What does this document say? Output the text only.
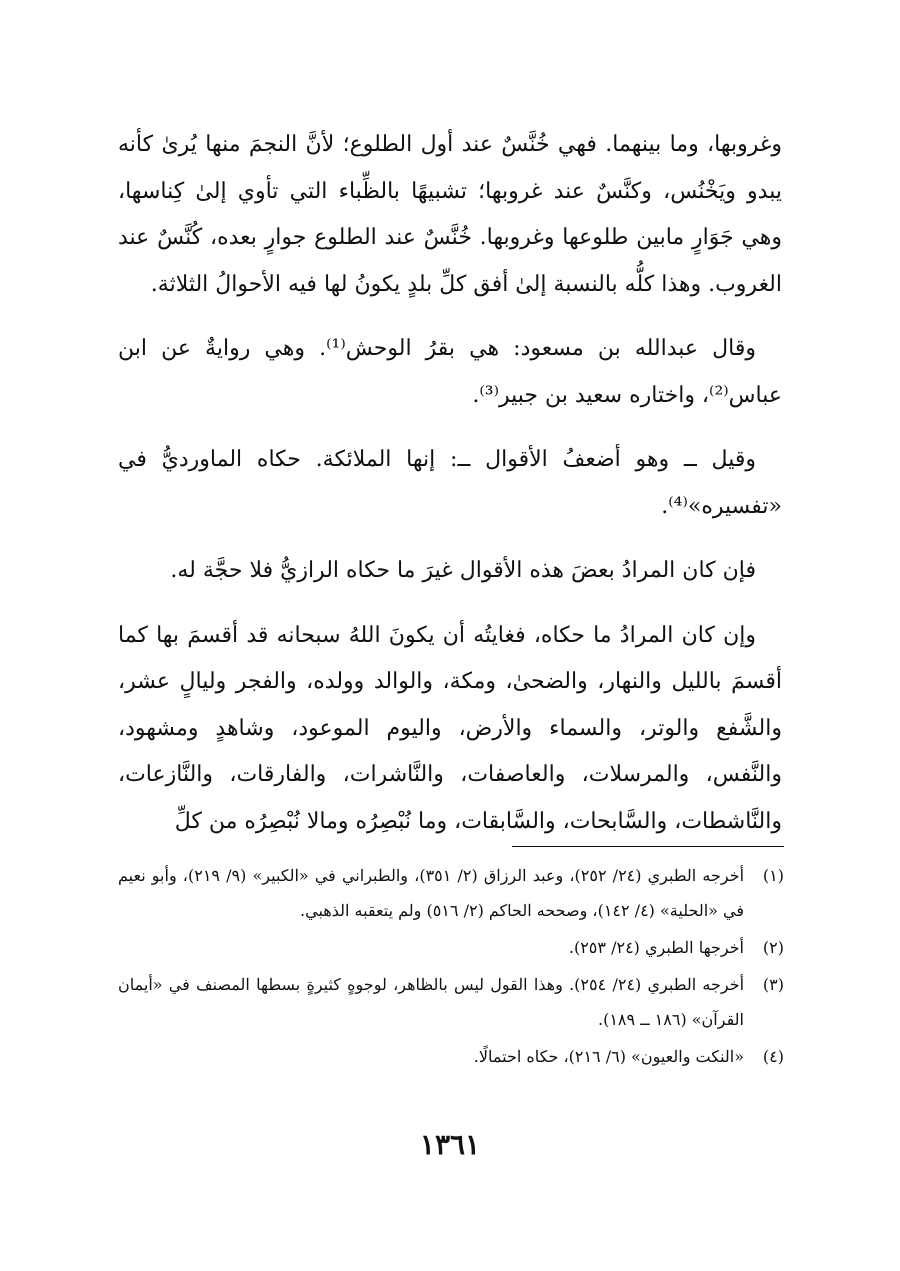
وغروبها، وما بينهما. فهي خُنَّسٌ عند أول الطلوع؛ لأنَّ النجمَ منها يُرىٰ كأنه يبدو ويَخْنُس، وكنَّسٌ عند غروبها؛ تشبيهًا بالظِّباء التي تأوي إلىٰ كِناسها، وهي جَوَارٍ مابين طلوعها وغروبها. خُنَّسٌ عند الطلوع جوارٍ بعده، كُنَّسٌ عند الغروب. وهذا كلُّه بالنسبة إلىٰ أفق كلِّ بلدٍ يكونُ لها فيه الأحوالُ الثلاثة.

وقال عبدالله بن مسعود: هي بقرُ الوحش⁽¹⁾. وهي روايةٌ عن ابن عباس⁽²⁾، واختاره سعيد بن جبير⁽³⁾.

وقيل ــ وهو أضعفُ الأقوال ــ: إنها الملائكة. حكاه الماورديُّ في «تفسيره»⁽⁴⁾.

فإن كان المرادُ بعضَ هذه الأقوال غيرَ ما حكاه الرازيُّ فلا حجَّة له.

وإن كان المرادُ ما حكاه، فغايتُه أن يكونَ اللهُ سبحانه قد أقسمَ بها كما أقسمَ بالليل والنهار، والضحىٰ، ومكة، والوالد وولده، والفجر وليالٍ عشر، والشَّفع والوتر، والسماء والأرض، واليوم الموعود، وشاهدٍ ومشهود، والنَّفس، والمرسلات، والعاصفات، والنَّاشرات، والفارقات، والنَّازعات، والنَّاشطات، والسَّابحات، والسَّابقات، وما نُبْصِرُه ومالا نُبْصِرُه من كلِّ

(١)
أخرجه الطبري (٢٤/ ٢٥٢)، وعبد الرزاق (٢/ ٣٥١)، والطبراني في «الكبير» (٩/ ٢١٩)، وأبو نعيم في «الحلية» (٤/ ١٤٢)، وصححه الحاكم (٢/ ٥١٦) ولم يتعقبه الذهبي.
(٢)
أخرجها الطبري (٢٤/ ٢٥٣).
(٣)
أخرجه الطبري (٢٤/ ٢٥٤). وهذا القول ليس بالظاهر، لوجوهٍ كثيرةٍ بسطها المصنف في «أيمان القرآن» (١٨٦ ــ ١٨٩).
(٤)
«النكت والعيون» (٦/ ٢١٦)، حكاه احتمالًا.
١٣٦١
